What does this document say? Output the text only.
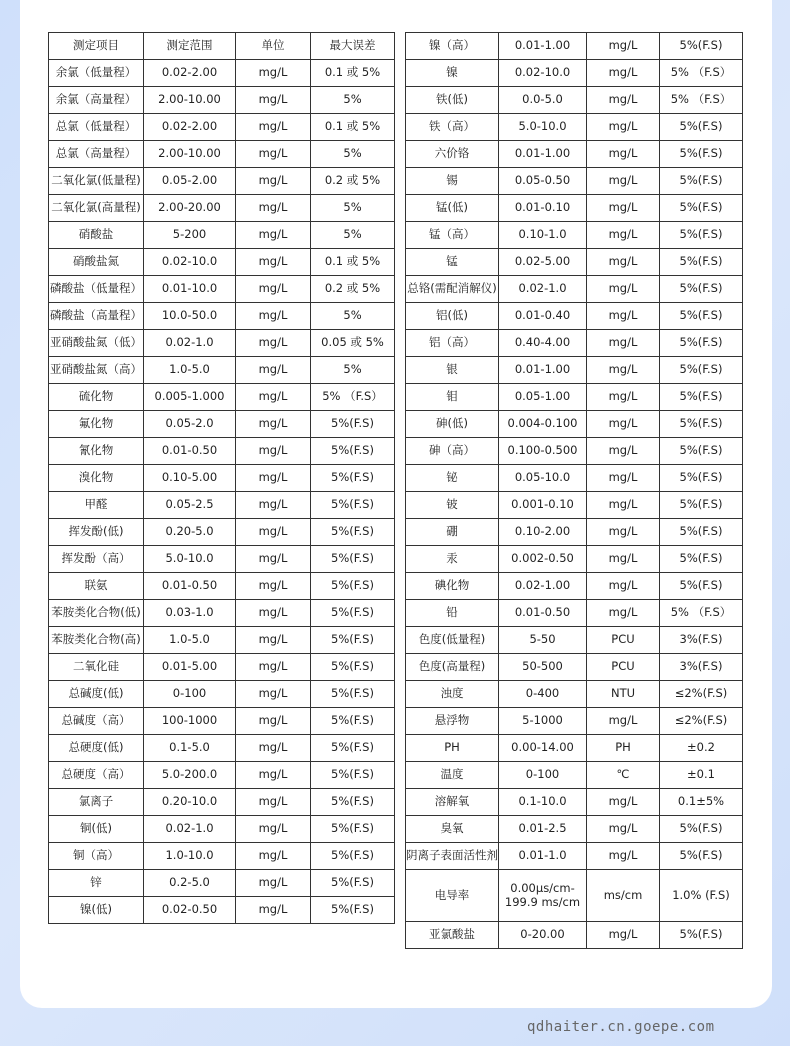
测定项目	测定范围	单位	最大误差
余氯（低量程）	0.02-2.00	mg/L	0.1 或 5%
余氯（高量程）	2.00-10.00	mg/L	5%
总氯（低量程）	0.02-2.00	mg/L	0.1 或 5%
总氯（高量程）	2.00-10.00	mg/L	5%
二氧化氯(低量程)	0.05-2.00	mg/L	0.2 或 5%
二氧化氯(高量程)	2.00-20.00	mg/L	5%
硝酸盐	5-200	mg/L	5%
硝酸盐氮	0.02-10.0	mg/L	0.1 或 5%
磷酸盐（低量程）	0.01-10.0	mg/L	0.2 或 5%
磷酸盐（高量程）	10.0-50.0	mg/L	5%
亚硝酸盐氮（低）	0.02-1.0	mg/L	0.05 或 5%
亚硝酸盐氮（高）	1.0-5.0	mg/L	5%
硫化物	0.005-1.000	mg/L	5% （F.S）
氟化物	0.05-2.0	mg/L	5%(F.S)
氰化物	0.01-0.50	mg/L	5%(F.S)
溴化物	0.10-5.00	mg/L	5%(F.S)
甲醛	0.05-2.5	mg/L	5%(F.S)
挥发酚(低)	0.20-5.0	mg/L	5%(F.S)
挥发酚（高）	5.0-10.0	mg/L	5%(F.S)
联氨	0.01-0.50	mg/L	5%(F.S)
苯胺类化合物(低)	0.03-1.0	mg/L	5%(F.S)
苯胺类化合物(高)	1.0-5.0	mg/L	5%(F.S)
二氧化硅	0.01-5.00	mg/L	5%(F.S)
总碱度(低)	0-100	mg/L	5%(F.S)
总碱度（高）	100-1000	mg/L	5%(F.S)
总硬度(低)	0.1-5.0	mg/L	5%(F.S)
总硬度（高）	5.0-200.0	mg/L	5%(F.S)
氯离子	0.20-10.0	mg/L	5%(F.S)
铜(低)	0.02-1.0	mg/L	5%(F.S)
铜（高）	1.0-10.0	mg/L	5%(F.S)
锌	0.2-5.0	mg/L	5%(F.S)
镍(低)	0.02-0.50	mg/L	5%(F.S)
镍（高）	0.01-1.00	mg/L	5%(F.S)
镍	0.02-10.0	mg/L	5% （F.S）
铁(低)	0.0-5.0	mg/L	5% （F.S）
铁（高）	5.0-10.0	mg/L	5%(F.S)
六价铬	0.01-1.00	mg/L	5%(F.S)
锡	0.05-0.50	mg/L	5%(F.S)
锰(低)	0.01-0.10	mg/L	5%(F.S)
锰（高）	0.10-1.0	mg/L	5%(F.S)
锰	0.02-5.00	mg/L	5%(F.S)
总铬(需配消解仪)	0.02-1.0	mg/L	5%(F.S)
铝(低)	0.01-0.40	mg/L	5%(F.S)
铝（高）	0.40-4.00	mg/L	5%(F.S)
银	0.01-1.00	mg/L	5%(F.S)
钼	0.05-1.00	mg/L	5%(F.S)
砷(低)	0.004-0.100	mg/L	5%(F.S)
砷（高）	0.100-0.500	mg/L	5%(F.S)
铋	0.05-10.0	mg/L	5%(F.S)
铍	0.001-0.10	mg/L	5%(F.S)
硼	0.10-2.00	mg/L	5%(F.S)
汞	0.002-0.50	mg/L	5%(F.S)
碘化物	0.02-1.00	mg/L	5%(F.S)
铅	0.01-0.50	mg/L	5% （F.S）
色度(低量程)	5-50	PCU	3%(F.S)
色度(高量程)	50-500	PCU	3%(F.S)
浊度	0-400	NTU	≤2%(F.S)
悬浮物	5-1000	mg/L	≤2%(F.S)
PH	0.00-14.00	PH	±0.2
温度	0-100	℃	±0.1
溶解氧	0.1-10.0	mg/L	0.1±5%
臭氧	0.01-2.5	mg/L	5%(F.S)
阴离子表面活性剂	0.01-1.0	mg/L	5%(F.S)
电导率	0.00μs/cm-199.9 ms/cm	ms/cm	1.0% (F.S)
亚氯酸盐	0-20.00	mg/L	5%(F.S)
qdhaiter.cn.goepe.com
